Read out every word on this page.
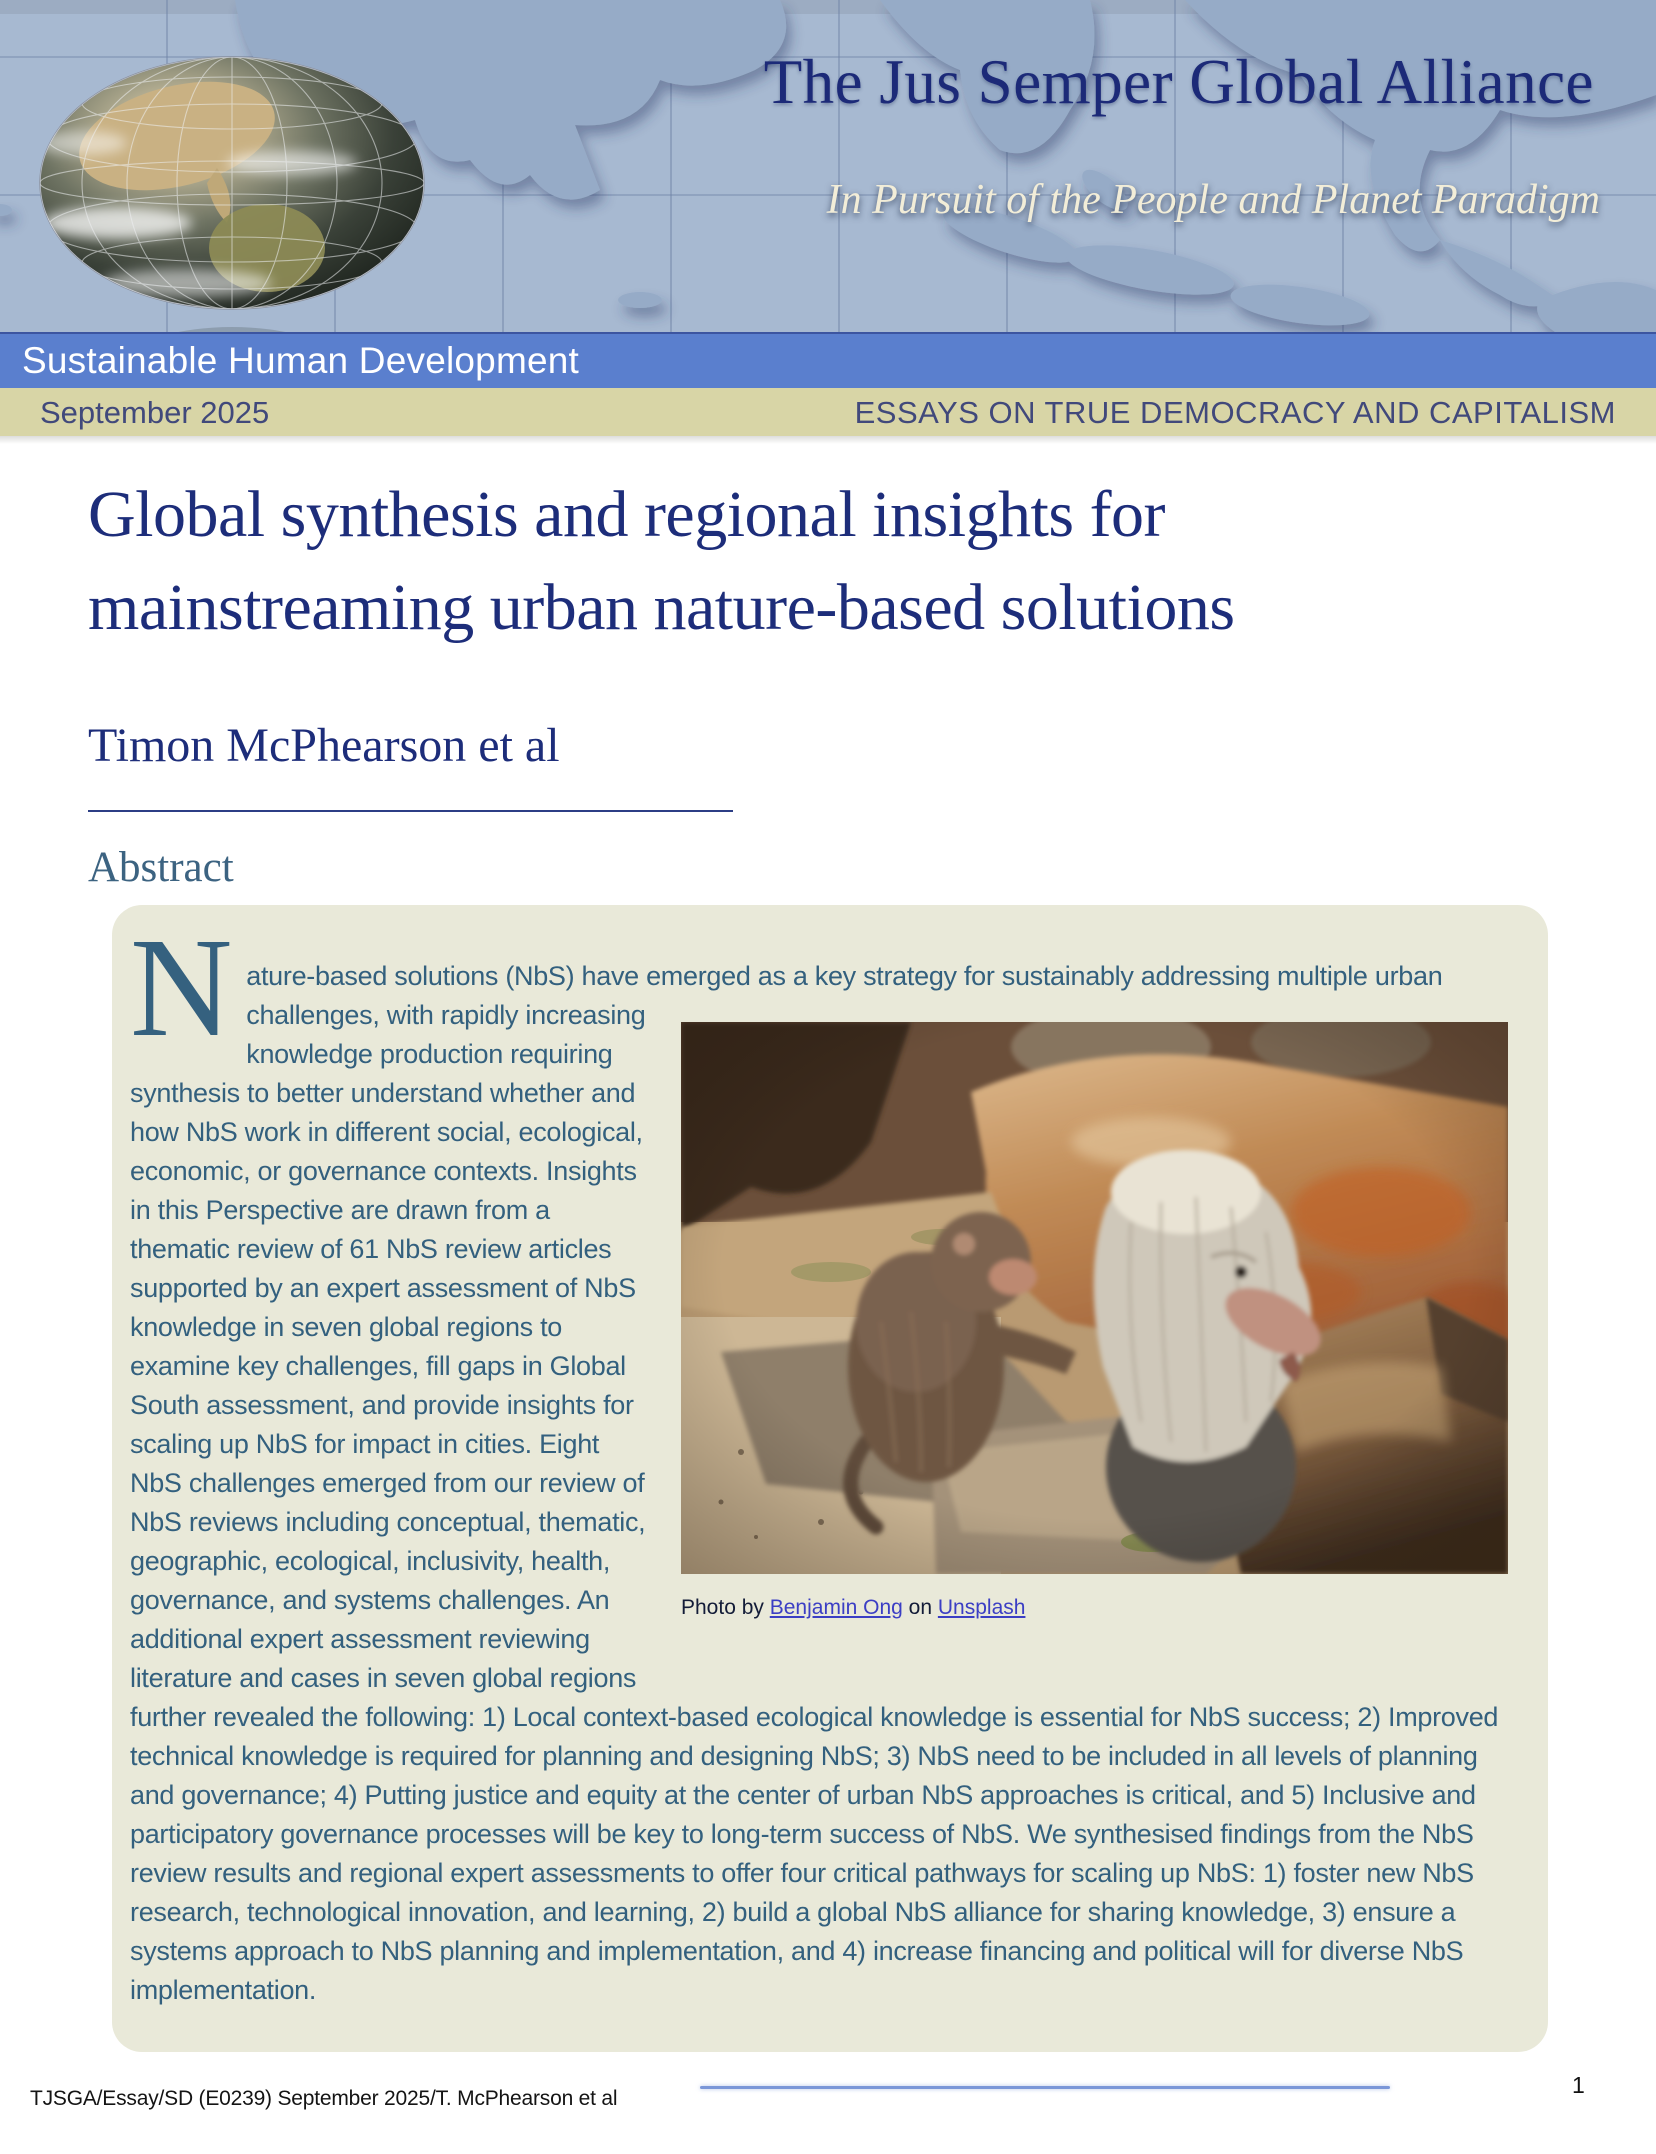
The Jus Semper Global Alliance
In Pursuit of the People and Planet Paradigm
Sustainable Human Development
September 2025	ESSAYS ON TRUE DEMOCRACY AND CAPITALISM
Global synthesis and regional insights for
mainstreaming urban nature-based solutions
Timon McPhearson et al
Abstract
Photo by Benjamin Ong on Unsplash
N ature-based solutions (NbS) have emerged as a key strategy for sustainably addressing multiple urban challenges, with rapidly increasing knowledge production requiring synthesis to better understand whether and how NbS work in different social, ecological, economic, or governance contexts. Insights in this Perspective are drawn from a thematic review of 61 NbS review articles supported by an expert assessment of NbS knowledge in seven global regions to examine key challenges, fill gaps in Global South assessment, and provide insights for scaling up NbS for impact in cities. Eight NbS challenges emerged from our review of NbS reviews including conceptual, thematic, geographic, ecological, inclusivity, health, governance, and systems challenges. An additional expert assessment reviewing literature and cases in seven global regions further revealed the following: 1) Local context-based ecological knowledge is essential for NbS success; 2) Improved technical knowledge is required for planning and designing NbS; 3) NbS need to be included in all levels of planning and governance; 4) Putting justice and equity at the center of urban NbS approaches is critical, and 5) Inclusive and participatory governance processes will be key to long-term success of NbS. We synthesised findings from the NbS review results and regional expert assessments to offer four critical pathways for scaling up NbS: 1) foster new NbS research, technological innovation, and learning, 2) build a global NbS alliance for sharing knowledge, 3) ensure a systems approach to NbS planning and implementation, and 4) increase financing and political will for diverse NbS implementation.
TJSGA/Essay/SD (E0239) September 2025/T. McPhearson et al
1
